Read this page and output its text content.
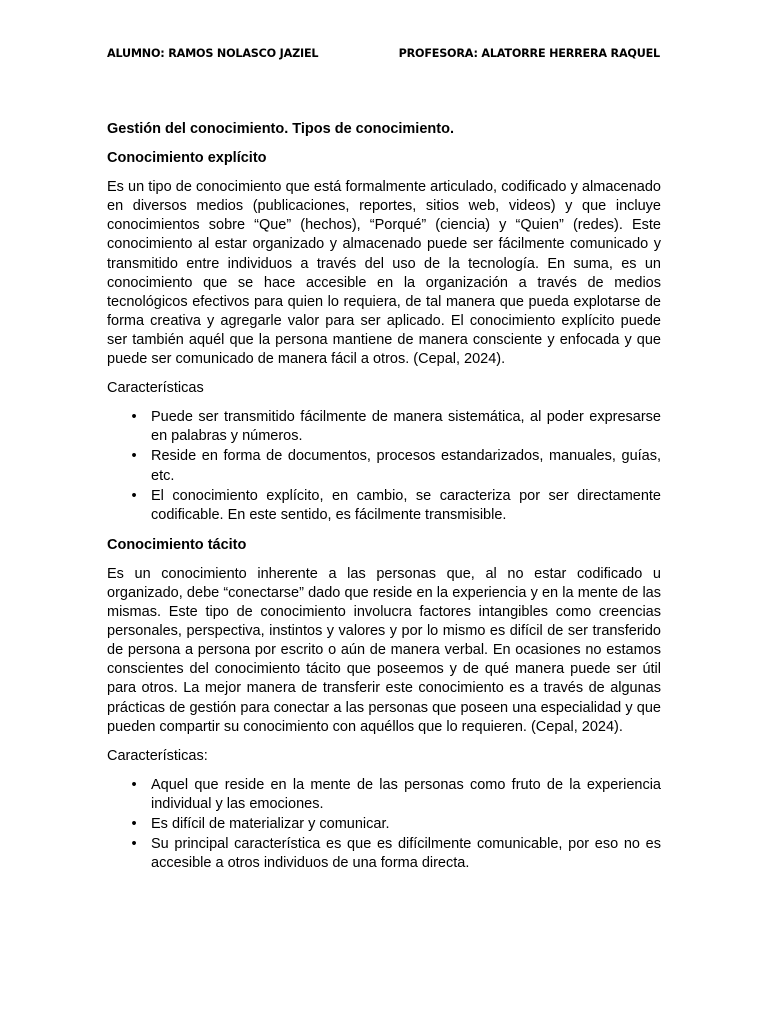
ALUMNO: RAMOS NOLASCO JAZIEL	PROFESORA: ALATORRE HERRERA RAQUEL

Gestión del conocimiento. Tipos de conocimiento.

Conocimiento explícito

Es un tipo de conocimiento que está formalmente articulado, codificado y almacenado en diversos medios (publicaciones, reportes, sitios web, videos) y que incluye conocimientos sobre “Que” (hechos), “Porqué” (ciencia) y “Quien” (redes). Este conocimiento al estar organizado y almacenado puede ser fácilmente comunicado y transmitido entre individuos a través del uso de la tecnología. En suma, es un conocimiento que se hace accesible en la organización a través de medios tecnológicos efectivos para quien lo requiera, de tal manera que pueda explotarse de forma creativa y agregarle valor para ser aplicado. El conocimiento explícito puede ser también aquél que la persona mantiene de manera consciente y enfocada y que puede ser comunicado de manera fácil a otros. (Cepal, 2024).

Características

• Puede ser transmitido fácilmente de manera sistemática, al poder expresarse en palabras y números.
• Reside en forma de documentos, procesos estandarizados, manuales, guías, etc.
• El conocimiento explícito, en cambio, se caracteriza por ser directamente codificable. En este sentido, es fácilmente transmisible.

Conocimiento tácito

Es un conocimiento inherente a las personas que, al no estar codificado u organizado, debe “conectarse” dado que reside en la experiencia y en la mente de las mismas. Este tipo de conocimiento involucra factores intangibles como creencias personales, perspectiva, instintos y valores y por lo mismo es difícil de ser transferido de persona a persona por escrito o aún de manera verbal. En ocasiones no estamos conscientes del conocimiento tácito que poseemos y de qué manera puede ser útil para otros. La mejor manera de transferir este conocimiento es a través de algunas prácticas de gestión para conectar a las personas que poseen una especialidad y que pueden compartir su conocimiento con aquéllos que lo requieren. (Cepal, 2024).

Características:

• Aquel que reside en la mente de las personas como fruto de la experiencia individual y las emociones.
• Es difícil de materializar y comunicar.
• Su principal característica es que es difícilmente comunicable, por eso no es accesible a otros individuos de una forma directa.
